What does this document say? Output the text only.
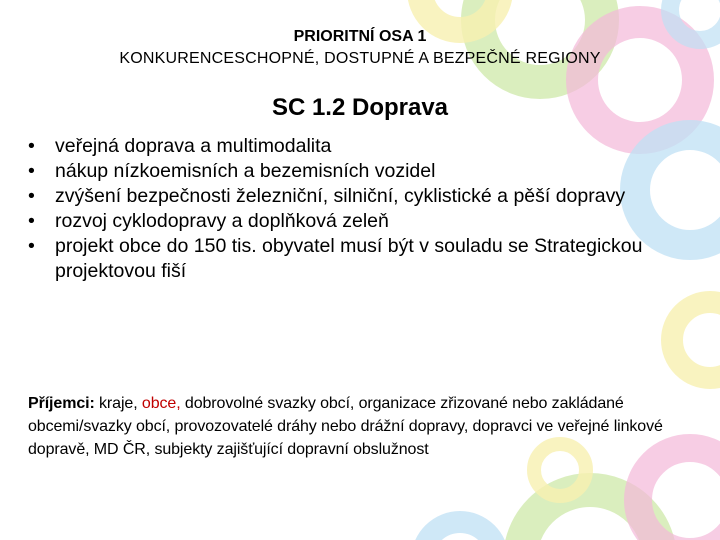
PRIORITNÍ OSA 1
KONKURENCESCHOPNÉ, DOSTUPNÉ A BEZPEČNÉ REGIONY
SC 1.2 Doprava
• veřejná doprava a multimodalita
• nákup nízkoemisních a bezemisních vozidel
• zvýšení bezpečnosti železniční, silniční, cyklistické a pěší dopravy
• rozvoj cyklodopravy a doplňková zeleň
• projekt obce do 150 tis. obyvatel musí být v souladu se Strategickou projektovou fiší
Příjemci: kraje, obce, dobrovolné svazky obcí, organizace zřizované nebo zakládané obcemi/svazky obcí, provozovatelé dráhy nebo drážní dopravy, dopravci ve veřejné linkové dopravě, MD ČR, subjekty zajišťující dopravní obslužnost
